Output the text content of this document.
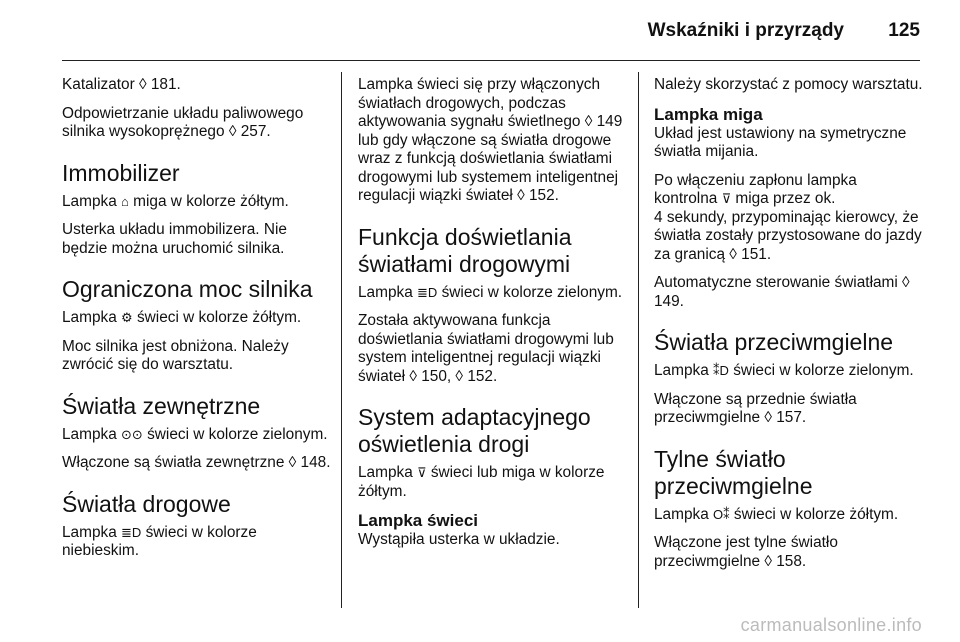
Wskaźniki i przyrządy 125

Katalizator ◊ 181.

Odpowietrzanie układu paliwowego silnika wysokoprężnego ◊ 257.

Immobilizer

Lampka ⌂ miga w kolorze żółtym.

Usterka układu immobilizera. Nie będzie można uruchomić silnika.

Ograniczona moc silnika

Lampka ⚙ świeci w kolorze żółtym.

Moc silnika jest obniżona. Należy zwrócić się do warsztatu.

Światła zewnętrzne

Lampka ⊙⊙ świeci w kolorze zielonym.

Włączone są światła zewnętrzne ◊ 148.

Światła drogowe

Lampka ≣D świeci w kolorze niebieskim.

Lampka świeci się przy włączonych światłach drogowych, podczas aktywowania sygnału świetlnego ◊ 149 lub gdy włączone są światła drogowe wraz z funkcją doświetlania światłami drogowymi lub systemem inteligentnej regulacji wiązki świateł ◊ 152.

Funkcja doświetlania światłami drogowymi

Lampka ≣D świeci w kolorze zielonym.

Została aktywowana funkcja doświetlania światłami drogowymi lub system inteligentnej regulacji wiązki świateł ◊ 150, ◊ 152.

System adaptacyjnego oświetlenia drogi

Lampka ⊽ świeci lub miga w kolorze żółtym.

Lampka świeci

Wystąpiła usterka w układzie.

Należy skorzystać z pomocy warsztatu.

Lampka miga

Układ jest ustawiony na symetryczne światła mijania.

Po włączeniu zapłonu lampka kontrolna ⊽ miga przez ok.

4 sekundy, przypominając kierowcy, że światła zostały przystosowane do jazdy za granicą ◊ 151.

Automatyczne sterowanie światłami ◊ 149.

Światła przeciwmgielne

Lampka ⁑D świeci w kolorze zielonym.

Włączone są przednie światła przeciwmgielne ◊ 157.

Tylne światło przeciwmgielne

Lampka O⁑ świeci w kolorze żółtym.

Włączone jest tylne światło przeciwmgielne ◊ 158.

carmanualsonline.info
